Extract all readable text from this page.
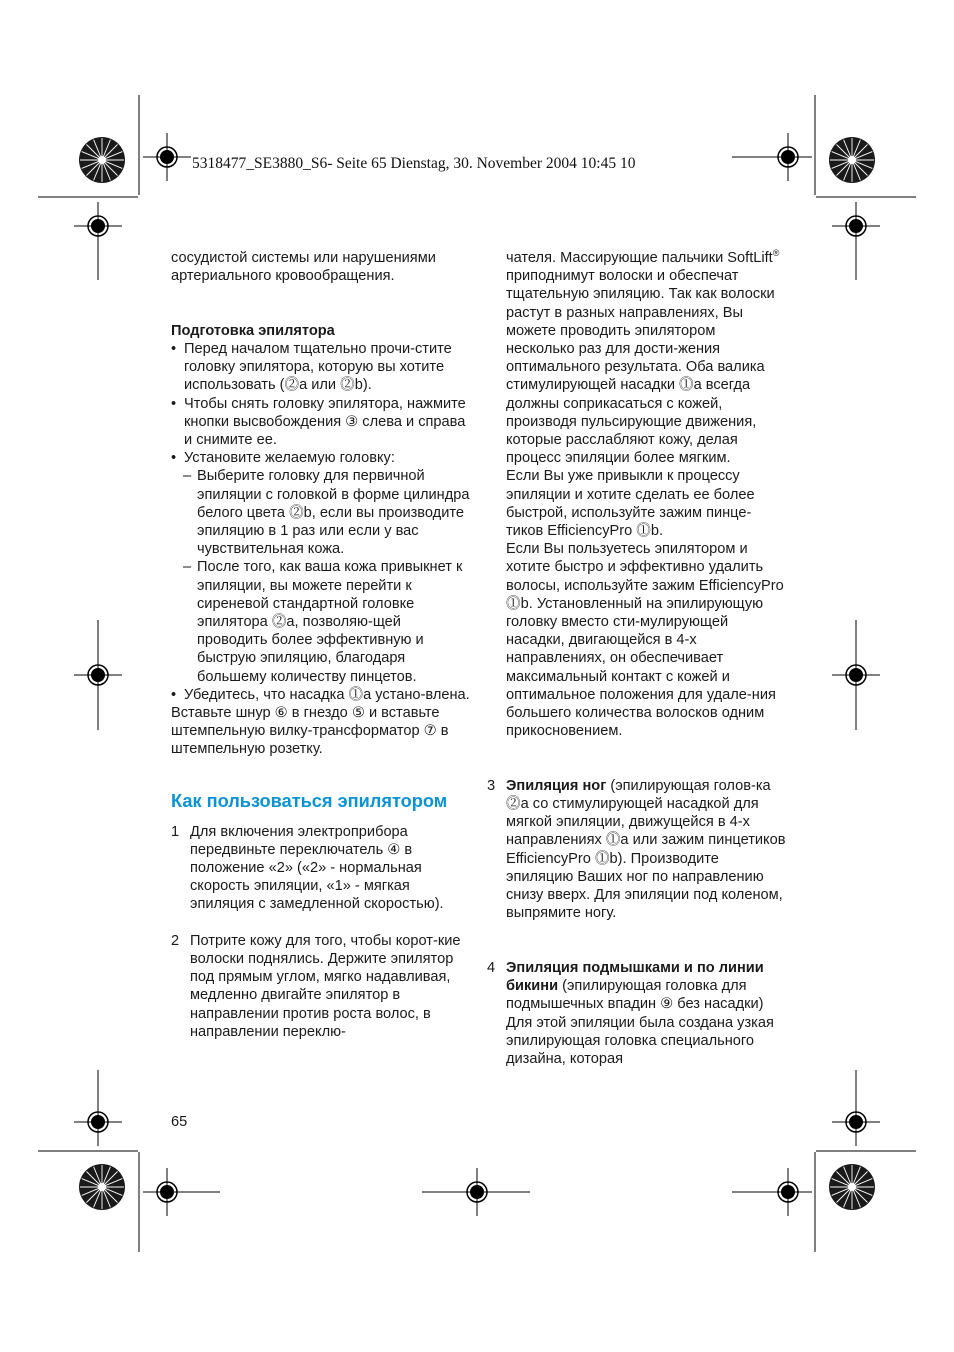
5318477_SE3880_S6- Seite 65 Dienstag, 30. November 2004 10:45 10

сосудистой системы или нарушениями артериального кровообращения.

Подготовка эпилятора

• Перед началом тщательно прочи-стите головку эпилятора, которую вы хотите использовать (⓶a или ⓶b).

• Чтобы снять головку эпилятора, нажмите кнопки высвобождения ③ слева и справа и снимите ее.

• Установите желаемую головку:

– Выберите головку для первичной эпиляции с головкой в форме цилиндра белого цвета ⓶b, если вы производите эпиляцию в 1 раз или если у вас чувствительная кожа.

– После того, как ваша кожа привыкнет к эпиляции, вы можете перейти к сиреневой стандартной головке эпилятора ⓶a, позволяю-щей проводить более эффективную и быструю эпиляцию, благодаря большему количеству пинцетов.

• Убедитесь, что насадка ⓵a устано-влена.

Вставьте шнур ⑥ в гнездо ⑤ и вставьте штемпельную вилку-трансформатор ⑦ в штемпельную розетку.

Как пользоваться эпилятором

1 Для включения электроприбора передвиньте переключатель ④ в положение «2» («2» - нормальная скорость эпиляции, «1» - мягкая эпиляция с замедленной скоростью).

2 Потрите кожу для того, чтобы корот-кие волоски поднялись. Держите эпилятор под прямым углом, мягко надавливая, медленно двигайте эпилятор в направлении против роста волос, в направлении переклю-

чателя. Массирующие пальчики SoftLift® приподнимут волоски и обеспечат тщательную эпиляцию. Так как волоски растут в разных направлениях, Вы можете проводить эпилятором несколько раз для дости-жения оптимального результата. Оба валика стимулирующей насадки ⓵a всегда должны соприкасаться с кожей, производя пульсирующие движения, которые расслабляют кожу, делая процесс эпиляции более мягким.

Если Вы уже привыкли к процессу эпиляции и хотите сделать ее более быстрой, используйте зажим пинце-тиков EfficiencyPro ⓵b.

Если Вы пользуетесь эпилятором и хотите быстро и эффективно удалить волосы, используйте зажим EfficiencyPro ⓵b. Установленный на эпилирующую головку вместо сти-мулирующей насадки, двигающейся в 4-х направлениях, он обеспечивает максимальный контакт с кожей и оптимальное положения для удале-ния большего количества волосков одним прикосновением.

3 Эпиляция ног (эпилирующая голов-ка ⓶a со стимулирующей насадкой для мягкой эпиляции, движущейся в 4-х направлениях ⓵a или зажим пинцетиков EfficiencyPro ⓵b). Производите эпиляцию Ваших ног по направлению снизу вверх. Для эпиляции под коленом, выпрямите ногу.

4 Эпиляция подмышками и по линии бикини (эпилирующая головка для подмышечных впадин ⑨ без насадки)

Для этой эпиляции была создана узкая эпилирующая головка специального дизайна, которая

65
